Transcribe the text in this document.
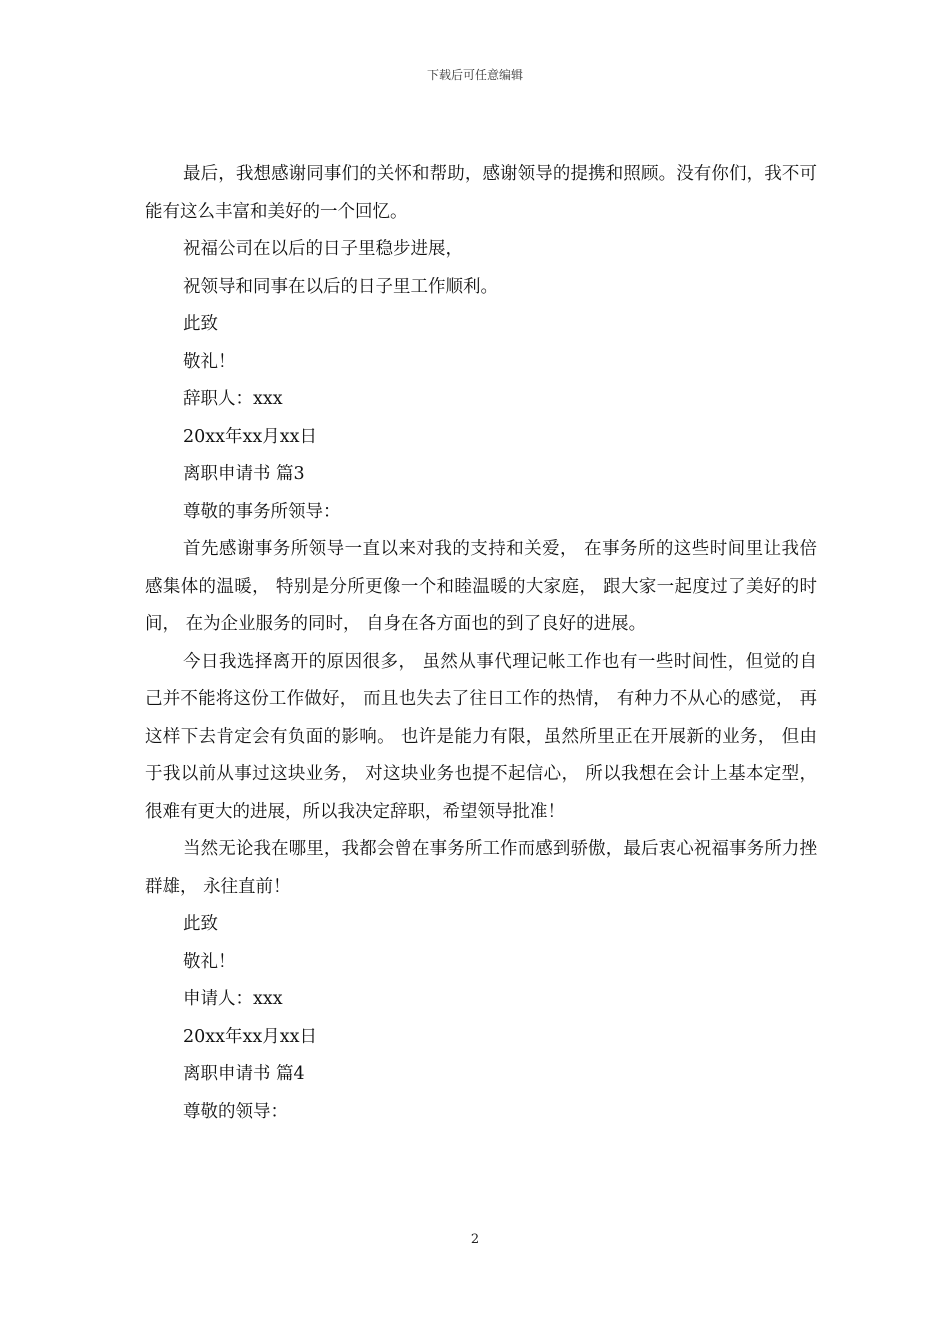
下载后可任意编辑

最后，我想感谢同事们的关怀和帮助，感谢领导的提携和照顾。没有你们，我不可能有这么丰富和美好的一个回忆。

祝福公司在以后的日子里稳步进展，

祝领导和同事在以后的日子里工作顺利。

此致

敬礼！

辞职人：xxx

20xx年xx月xx日

离职申请书 篇3

尊敬的事务所领导：

首先感谢事务所领导一直以来对我的支持和关爱， 在事务所的这些时间里让我倍感集体的温暖， 特别是分所更像一个和睦温暖的大家庭， 跟大家一起度过了美好的时间， 在为企业服务的同时， 自身在各方面也的到了良好的进展。

今日我选择离开的原因很多， 虽然从事代理记帐工作也有一些时间性，但觉的自己并不能将这份工作做好， 而且也失去了往日工作的热情， 有种力不从心的感觉， 再这样下去肯定会有负面的影响。 也许是能力有限，虽然所里正在开展新的业务， 但由于我以前从事过这块业务， 对这块业务也提不起信心， 所以我想在会计上基本定型， 很难有更大的进展，所以我决定辞职，希望领导批准！

当然无论我在哪里，我都会曾在事务所工作而感到骄傲，最后衷心祝福事务所力挫群雄， 永往直前！

此致

敬礼！

申请人：xxx

20xx年xx月xx日

离职申请书 篇4

尊敬的领导：

2
